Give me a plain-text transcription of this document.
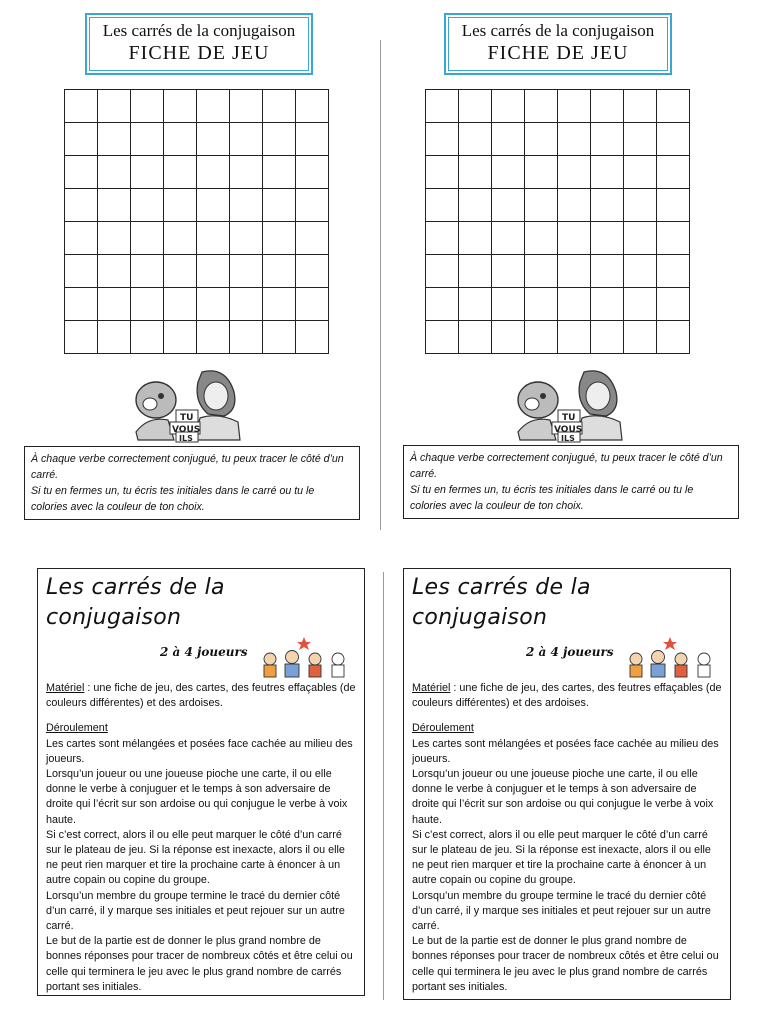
Les carrés de la conjugaison
FICHE DE JEU

TU
VOUS
ILS

À chaque verbe correctement conjugué, tu peux tracer le côté d’un carré.

Si tu en fermes un, tu écris tes initiales dans le carré ou tu le colories avec la couleur de ton choix.

Les carrés de la conjugaison
FICHE DE JEU

TU
VOUS
ILS

À chaque verbe correctement conjugué, tu peux tracer le côté d’un carré.

Si tu en fermes un, tu écris tes initiales dans le carré ou tu le colories avec la couleur de ton choix.

Les carrés de la conjugaison
2 à 4 joueurs

Matériel : une fiche de jeu, des cartes, des feutres effaçables (de couleurs différentes) et des ardoises.

Déroulement

Les cartes sont mélangées et posées face cachée au milieu des joueurs.

Lorsqu’un joueur ou une joueuse pioche une carte, il ou elle donne le verbe à conjuguer et le temps à son adversaire de droite qui l’écrit sur son ardoise ou qui conjugue le verbe à voix haute.

Si c’est correct, alors il ou elle peut marquer le côté d’un carré sur le plateau de jeu. Si la réponse est inexacte, alors il ou elle ne peut rien marquer et tire la prochaine carte à énoncer à un autre copain ou copine du groupe.

Lorsqu’un membre du groupe termine le tracé du dernier côté d’un carré, il y marque ses initiales et peut rejouer sur un autre carré.

Le but de la partie est de donner le plus grand nombre de bonnes réponses pour tracer de nombreux côtés et être celui ou celle qui terminera le jeu avec le plus grand nombre de carrés portant ses initiales.

Les carrés de la conjugaison
2 à 4 joueurs

Matériel : une fiche de jeu, des cartes, des feutres effaçables (de couleurs différentes) et des ardoises.

Déroulement

Les cartes sont mélangées et posées face cachée au milieu des joueurs.

Lorsqu’un joueur ou une joueuse pioche une carte, il ou elle donne le verbe à conjuguer et le temps à son adversaire de droite qui l’écrit sur son ardoise ou qui conjugue le verbe à voix haute.

Si c’est correct, alors il ou elle peut marquer le côté d’un carré sur le plateau de jeu. Si la réponse est inexacte, alors il ou elle ne peut rien marquer et tire la prochaine carte à énoncer à un autre copain ou copine du groupe.

Lorsqu’un membre du groupe termine le tracé du dernier côté d’un carré, il y marque ses initiales et peut rejouer sur un autre carré.

Le but de la partie est de donner le plus grand nombre de bonnes réponses pour tracer de nombreux côtés et être celui ou celle qui terminera le jeu avec le plus grand nombre de carrés portant ses initiales.
